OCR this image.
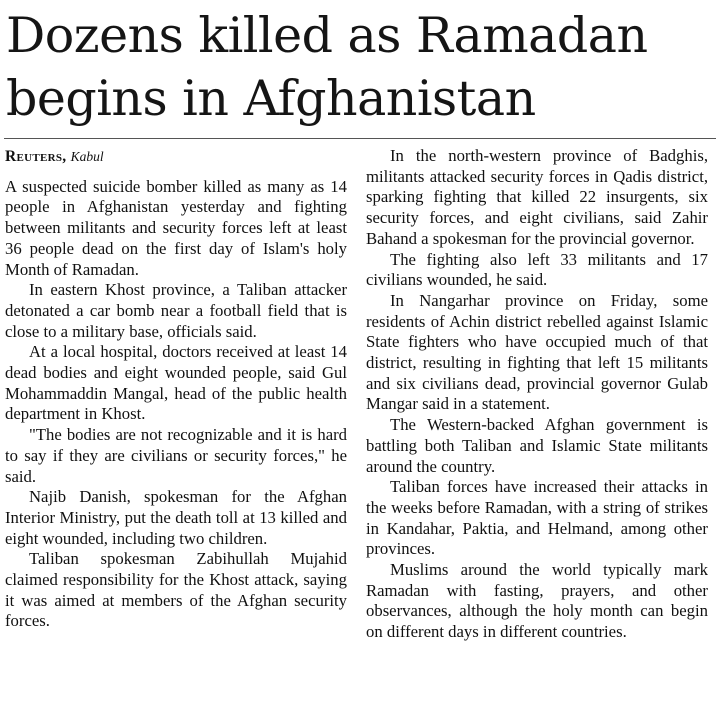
Dozens killed as Ramadan
begins in Afghanistan
Reuters, Kabul

A suspected suicide bomber killed as many as 14 people in Afghanistan yesterday and fighting between militants and security forces left at least 36 people dead on the first day of Islam's holy Month of Ramadan.

In eastern Khost province, a Taliban attacker detonated a car bomb near a football field that is close to a military base, officials said.

At a local hospital, doctors received at least 14 dead bodies and eight wounded people, said Gul Mohammaddin Mangal, head of the public health department in Khost.

"The bodies are not recognizable and it is hard to say if they are civilians or security forces," he said.

Najib Danish, spokesman for the Afghan Interior Ministry, put the death toll at 13 killed and eight wounded, including two children.

Taliban spokesman Zabihullah Mujahid claimed responsibility for the Khost attack, saying it was aimed at members of the Afghan security forces.

In the north-western province of Badghis, militants attacked security forces in Qadis district, sparking fighting that killed 22 insurgents, six security forces, and eight civilians, said Zahir Bahand a spokesman for the provincial governor.

The fighting also left 33 militants and 17 civilians wounded, he said.

In Nangarhar province on Friday, some residents of Achin district rebelled against Islamic State fighters who have occupied much of that district, resulting in fighting that left 15 militants and six civilians dead, provincial governor Gulab Mangar said in a statement.

The Western-backed Afghan government is battling both Taliban and Islamic State militants around the country.

Taliban forces have increased their attacks in the weeks before Ramadan, with a string of strikes in Kandahar, Paktia, and Helmand, among other provinces.

Muslims around the world typically mark Ramadan with fasting, prayers, and other observances, although the holy month can begin on different days in different countries.
